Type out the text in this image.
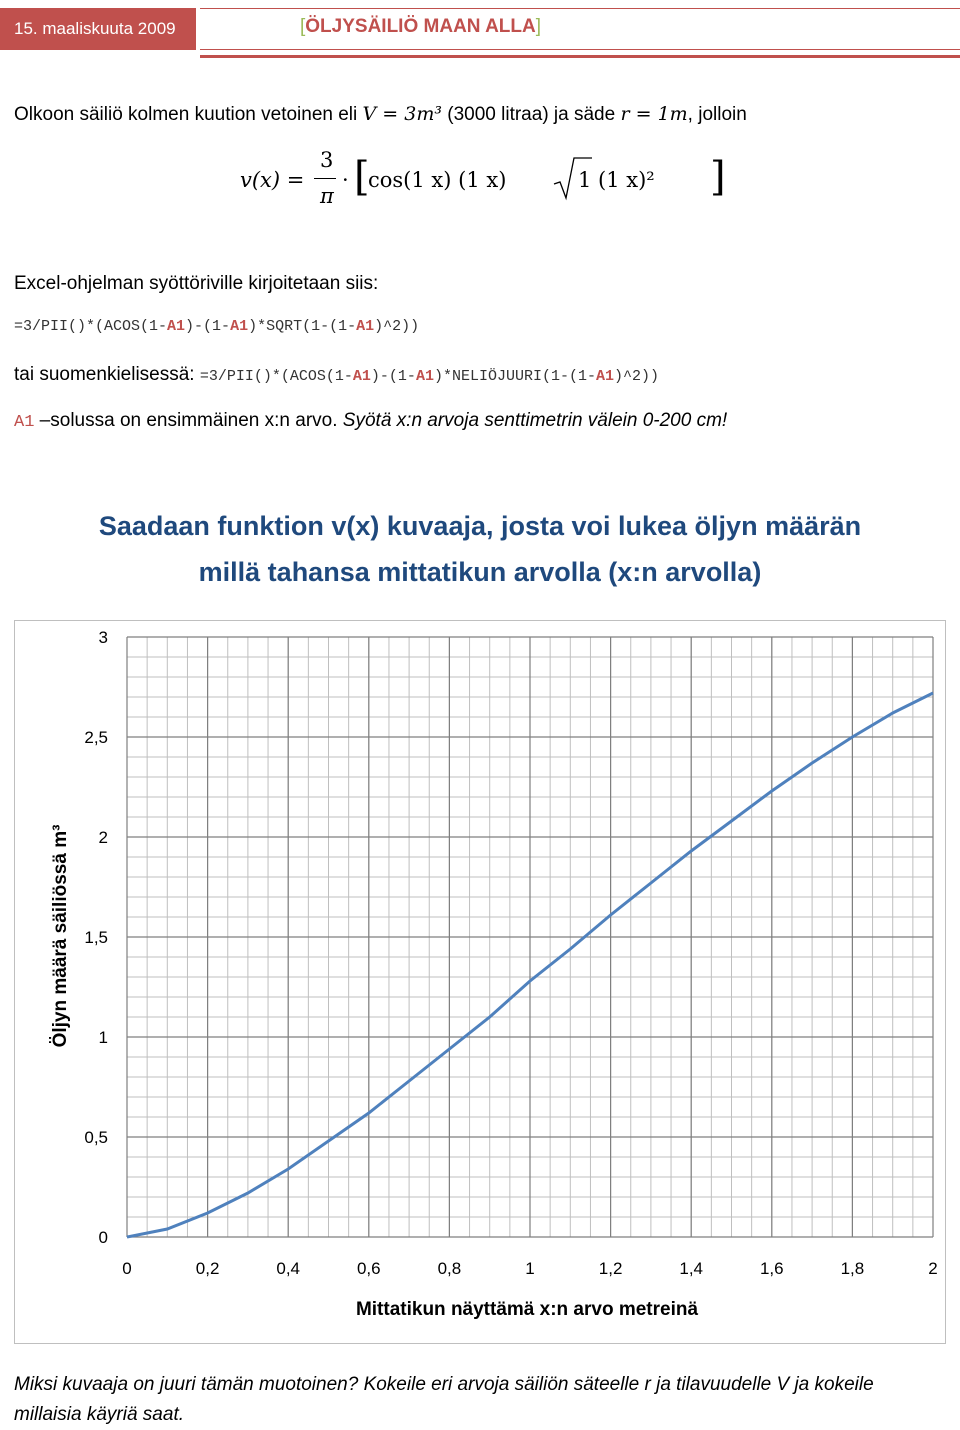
15. maaliskuuta 2009	[ÖLJYSÄILIÖ MAAN ALLA]
Olkoon säiliö kolmen kuution vetoinen eli V = 3m³ (3000 litraa) ja säde r = 1m, jolloin
v(x) =
3
π
· [
cos(1 x) (1 x)	1 (1 x)² ]
Excel-ohjelman syöttöriville kirjoitetaan siis:
=3/PII()*(ACOS(1-A1)-(1-A1)*SQRT(1-(1-A1)^2))
tai suomenkielisessä: =3/PII()*(ACOS(1-A1)-(1-A1)*NELIÖJUURI(1-(1-A1)^2))
A1 –solussa on ensimmäinen x:n arvo. Syötä x:n arvoja senttimetrin välein 0-200 cm!
Saadaan funktion v(x) kuvaaja, josta voi lukea öljyn määrän
millä tahansa mittatikun arvolla (x:n arvolla)
0
0,5
1
1,5
2
2,5
3
0	0,2	0,4	0,6	0,8	1	1,2	1,4	1,6	1,8	2
Mittatikun näyttämä x:n arvo metreinä
Öljyn määrä säiliössä m³
Miksi kuvaaja on juuri tämän muotoinen? Kokeile eri arvoja säiliön säteelle r ja tilavuudelle V ja kokeile millaisia käyriä saat.
